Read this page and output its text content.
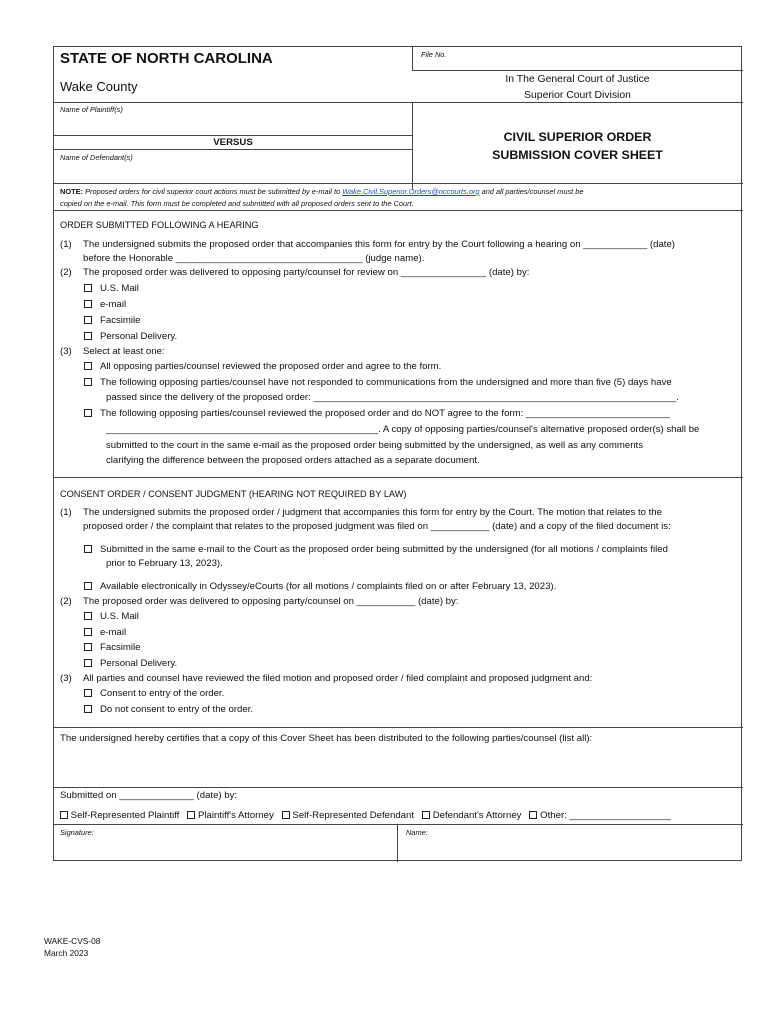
STATE OF NORTH CAROLINA
Wake County
File No.
In The General Court of Justice
Superior Court Division
Name of Plaintiff(s)
VERSUS
Name of Defendant(s)
CIVIL SUPERIOR ORDER
SUBMISSION COVER SHEET
NOTE: Proposed orders for civil superior court actions must be submitted by e-mail to Wake.Civil.Superior.Orders@nccourts.org and all parties/counsel must be
copied on the e-mail. This form must be completed and submitted with all proposed orders sent to the Court.
ORDER SUBMITTED FOLLOWING A HEARING
(1) The undersigned submits the proposed order that accompanies this form for entry by the Court following a hearing on ____________ (date)
before the Honorable ___________________________________ (judge name).
(2) The proposed order was delivered to opposing party/counsel for review on ________________ (date) by:
U.S. Mail
e-mail
Facsimile
Personal Delivery.
(3) Select at least one:
All opposing parties/counsel reviewed the proposed order and agree to the form.
The following opposing parties/counsel have not responded to communications from the undersigned and more than five (5) days have
passed since the delivery of the proposed order: ____________________________________________________________________.
The following opposing parties/counsel reviewed the proposed order and do NOT agree to the form: ___________________________
___________________________________________________. A copy of opposing parties/counsel's alternative proposed order(s) shall be
submitted to the court in the same e-mail as the proposed order being submitted by the undersigned, as well as any comments
clarifying the difference between the proposed orders attached as a separate document.
CONSENT ORDER / CONSENT JUDGMENT (HEARING NOT REQUIRED BY LAW)
(1) The undersigned submits the proposed order / judgment that accompanies this form for entry by the Court. The motion that relates to the
proposed order / the complaint that relates to the proposed judgment was filed on ___________ (date) and a copy of the filed document is:
Submitted in the same e-mail to the Court as the proposed order being submitted by the undersigned (for all motions / complaints filed
prior to February 13, 2023).
Available electronically in Odyssey/eCourts (for all motions / complaints filed on or after February 13, 2023).
(2) The proposed order was delivered to opposing party/counsel on ___________ (date) by:
U.S. Mail
e-mail
Facsimile
Personal Delivery.
(3) All parties and counsel have reviewed the filed motion and proposed order / filed complaint and proposed judgment and:
Consent to entry of the order.
Do not consent to entry of the order.
The undersigned hereby certifies that a copy of this Cover Sheet has been distributed to the following parties/counsel (list all):
Submitted on ______________ (date) by:
Self-Represented Plaintiff Plaintiff's Attorney Self-Represented Defendant Defendant's Attorney Other: ___________________
Signature:	Name:
WAKE-CVS-08
March 2023
